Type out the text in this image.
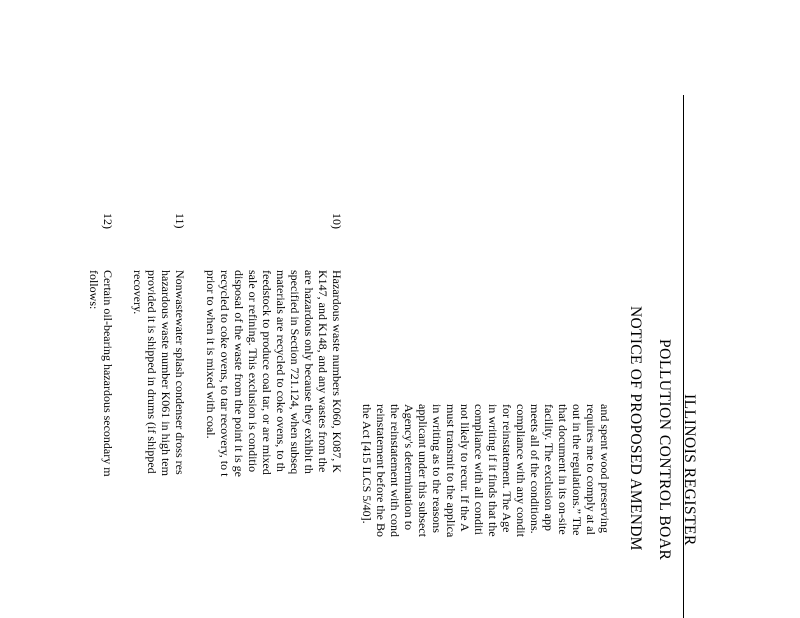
ILLINOIS REGISTER
POLLUTION CONTROL BOAR
NOTICE OF PROPOSED AMENDM
and spent wood preserving
requires me to comply at al
out in the regulations.” The
that document in its on-site
facility. The exclusion app
meets all of the conditions.
compliance with any condit
for reinstatement. The Age
in writing if it finds that the
compliance with all conditi
not likely to recur. If the A
must transmit to the applica
in writing as to the reasons
applicant under this subsect
Agency's determination to
the reinstatement with cond
reinstatement before the Bo
the Act [415 ILCS 5/40].
10)
Hazardous waste numbers K060, K087, K
K147, and K148, and any wastes from the
are hazardous only because they exhibit th
specified in Section 721.124, when subseq
materials are recycled to coke ovens, to th
feedstock to produce coal tar, or are mixed
sale or refining. This exclusion is conditio
disposal of the waste from the point it is ge
recycled to coke ovens, to tar recovery, to t
prior to when it is mixed with coal.
11)
Nonwastewater splash condenser dross res
hazardous waste number K061 in high tem
provided it is shipped in drums (if shipped
recovery.
12)
Certain oil-bearing hazardous secondary m
follows:
